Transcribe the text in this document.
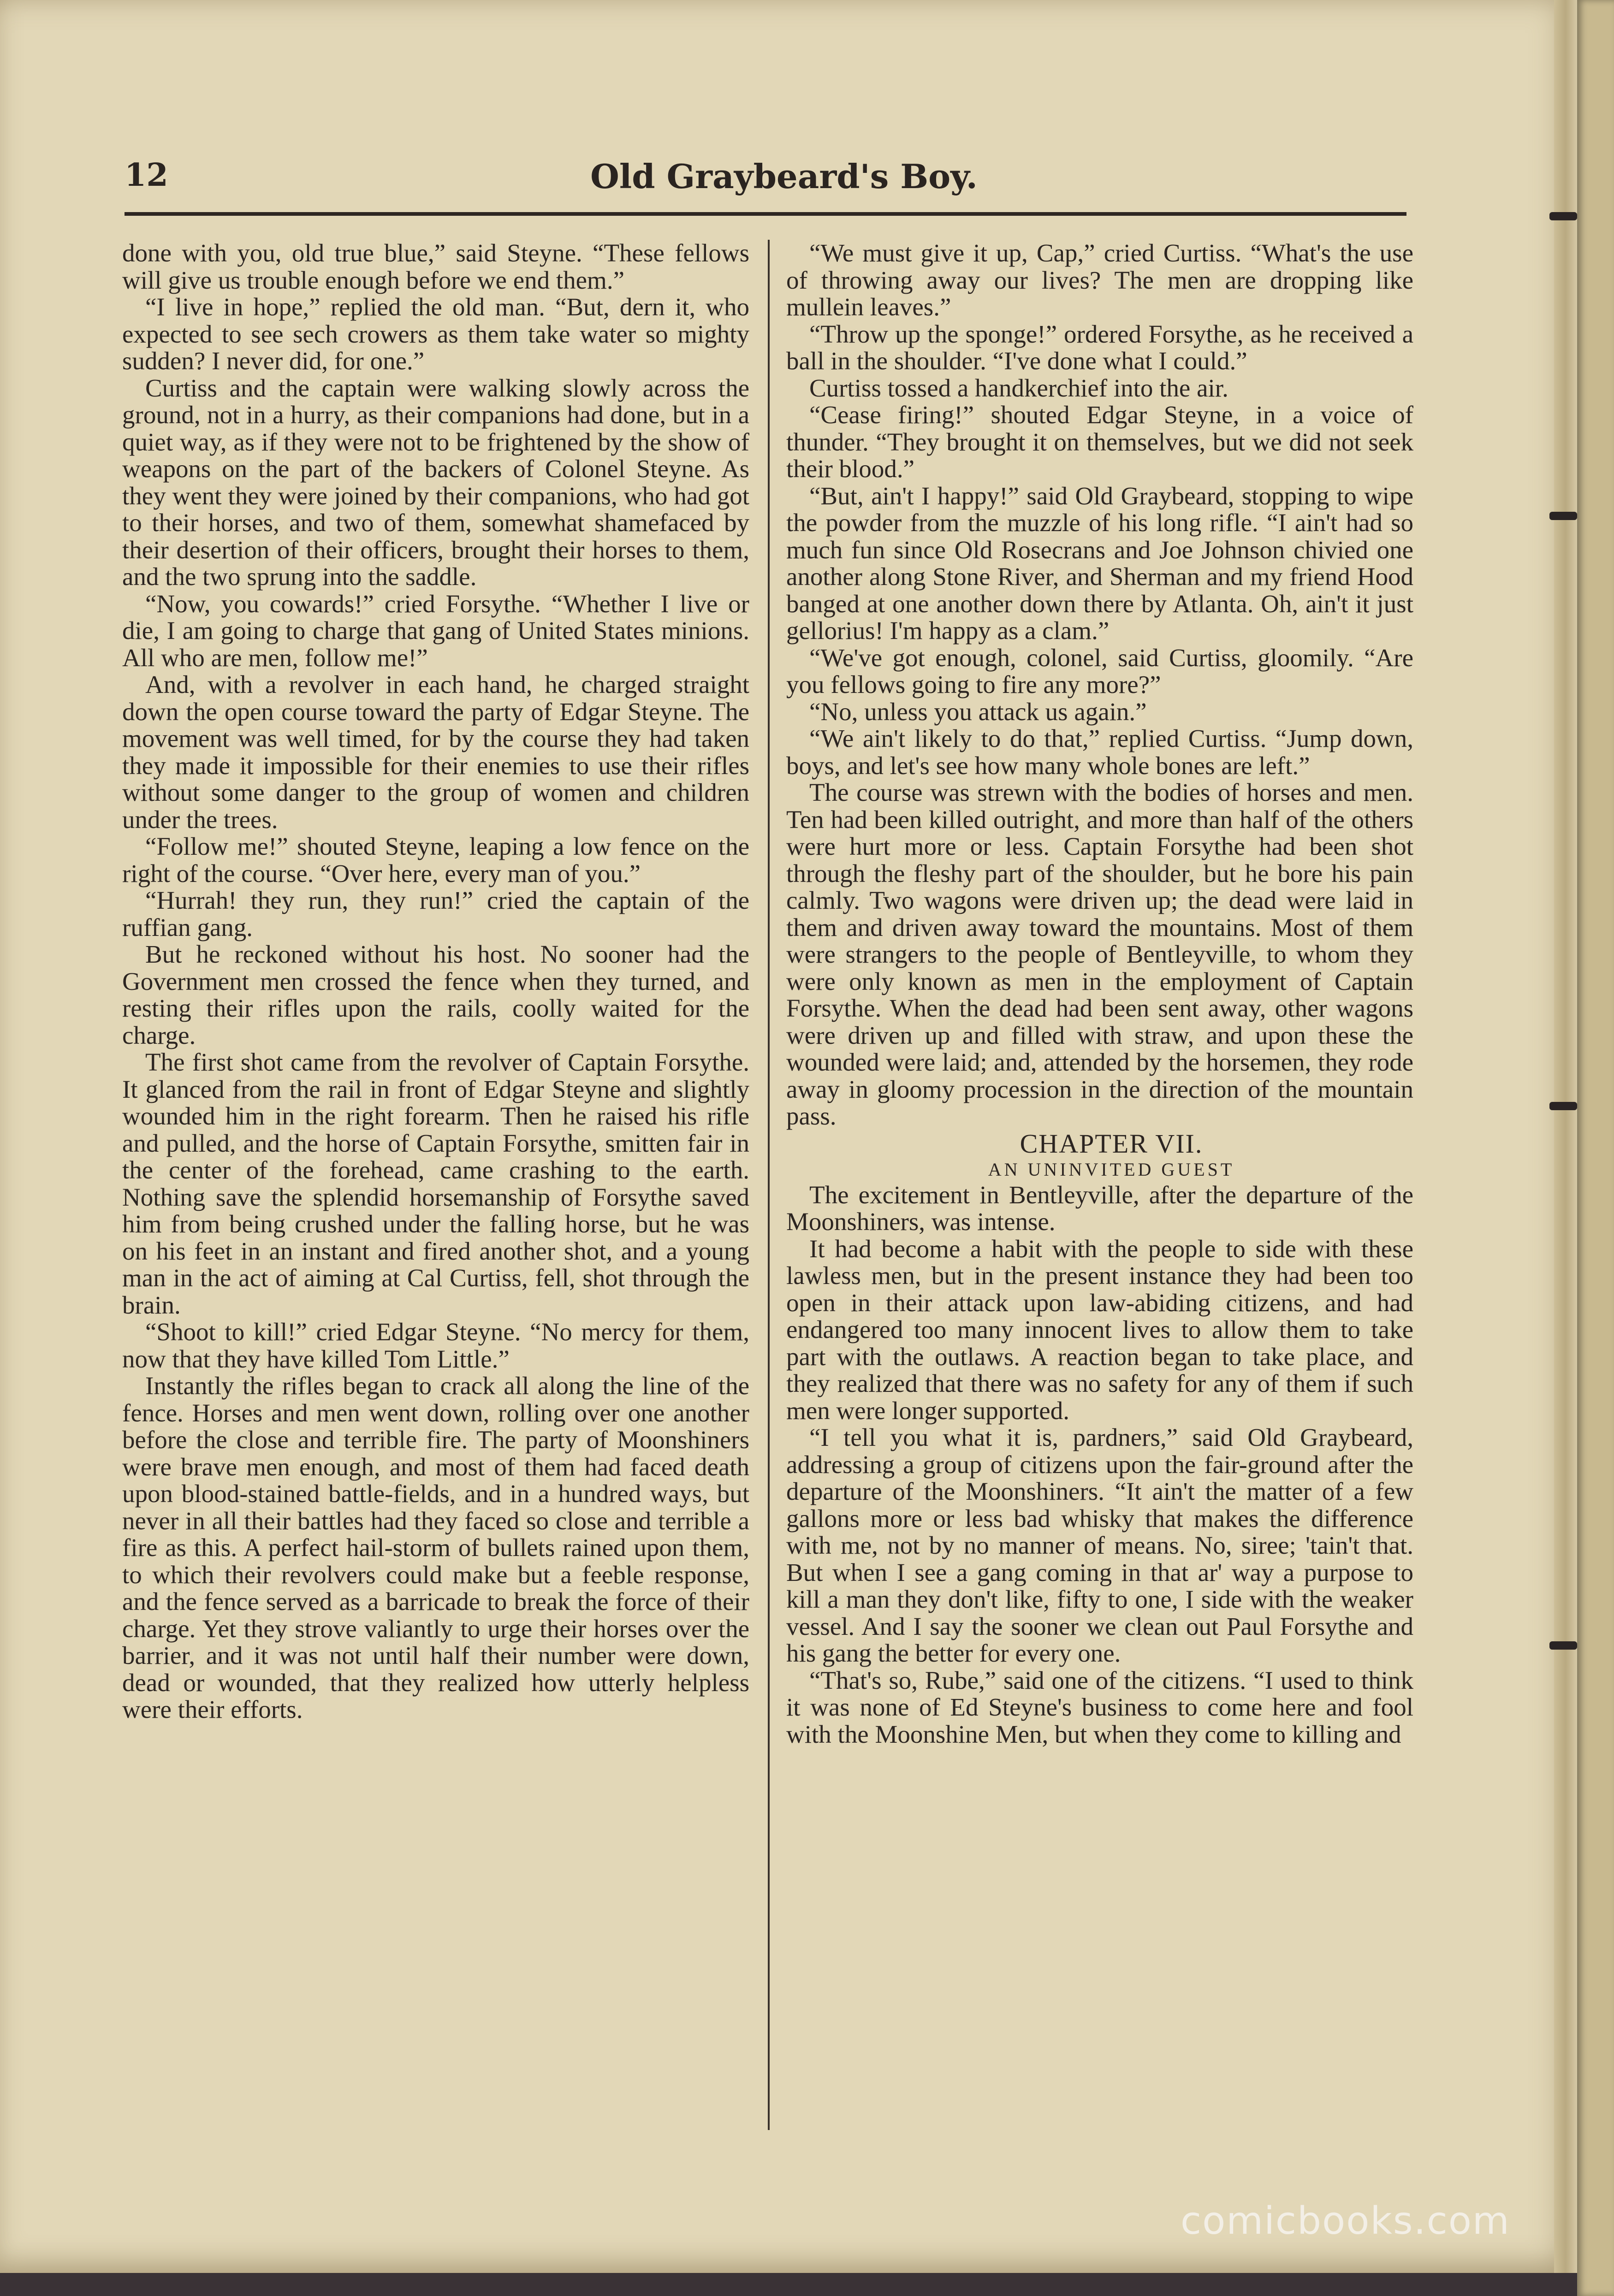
12	Old Graybeard's Boy.

done with you, old true blue,” said Steyne. “These fellows will give us trouble enough before we end them.”

“I live in hope,” replied the old man. “But, dern it, who expected to see sech crowers as them take water so mighty sudden? I never did, for one.”

Curtiss and the captain were walking slowly across the ground, not in a hurry, as their companions had done, but in a quiet way, as if they were not to be frightened by the show of weapons on the part of the backers of Colonel Steyne. As they went they were joined by their companions, who had got to their horses, and two of them, somewhat shamefaced by their desertion of their officers, brought their horses to them, and the two sprung into the saddle.

“Now, you cowards!” cried Forsythe. “Whether I live or die, I am going to charge that gang of United States minions. All who are men, follow me!”

And, with a revolver in each hand, he charged straight down the open course toward the party of Edgar Steyne. The movement was well timed, for by the course they had taken they made it impossible for their enemies to use their rifles without some danger to the group of women and children under the trees.

“Follow me!” shouted Steyne, leaping a low fence on the right of the course. “Over here, every man of you.”

“Hurrah! they run, they run!” cried the captain of the ruffian gang.

But he reckoned without his host. No sooner had the Government men crossed the fence when they turned, and resting their rifles upon the rails, coolly waited for the charge.

The first shot came from the revolver of Captain Forsythe. It glanced from the rail in front of Edgar Steyne and slightly wounded him in the right forearm. Then he raised his rifle and pulled, and the horse of Captain Forsythe, smitten fair in the center of the forehead, came crashing to the earth. Nothing save the splendid horsemanship of Forsythe saved him from being crushed under the falling horse, but he was on his feet in an instant and fired another shot, and a young man in the act of aiming at Cal Curtiss, fell, shot through the brain.

“Shoot to kill!” cried Edgar Steyne. “No mercy for them, now that they have killed Tom Little.”

Instantly the rifles began to crack all along the line of the fence. Horses and men went down, rolling over one another before the close and terrible fire. The party of Moonshiners were brave men enough, and most of them had faced death upon blood-stained battle-fields, and in a hundred ways, but never in all their battles had they faced so close and terrible a fire as this. A perfect hail-storm of bullets rained upon them, to which their revolvers could make but a feeble response, and the fence served as a barricade to break the force of their charge. Yet they strove valiantly to urge their horses over the barrier, and it was not until half their number were down, dead or wounded, that they realized how utterly helpless were their efforts.

“We must give it up, Cap,” cried Curtiss. “What's the use of throwing away our lives? The men are dropping like mullein leaves.”

“Throw up the sponge!” ordered Forsythe, as he received a ball in the shoulder. “I've done what I could.”

Curtiss tossed a handkerchief into the air.

“Cease firing!” shouted Edgar Steyne, in a voice of thunder. “They brought it on themselves, but we did not seek their blood.”

“But, ain't I happy!” said Old Graybeard, stopping to wipe the powder from the muzzle of his long rifle. “I ain't had so much fun since Old Rosecrans and Joe Johnson chivied one another along Stone River, and Sherman and my friend Hood banged at one another down there by Atlanta. Oh, ain't it just gellorius! I'm happy as a clam.”

“We've got enough, colonel, said Curtiss, gloomily. “Are you fellows going to fire any more?”

“No, unless you attack us again.”

“We ain't likely to do that,” replied Curtiss. “Jump down, boys, and let's see how many whole bones are left.”

The course was strewn with the bodies of horses and men. Ten had been killed outright, and more than half of the others were hurt more or less. Captain Forsythe had been shot through the fleshy part of the shoulder, but he bore his pain calmly. Two wagons were driven up; the dead were laid in them and driven away toward the mountains. Most of them were strangers to the people of Bentleyville, to whom they were only known as men in the employment of Captain Forsythe. When the dead had been sent away, other wagons were driven up and filled with straw, and upon these the wounded were laid; and, attended by the horsemen, they rode away in gloomy procession in the direction of the mountain pass.

CHAPTER VII.

AN UNINVITED GUEST

The excitement in Bentleyville, after the departure of the Moonshiners, was intense.

It had become a habit with the people to side with these lawless men, but in the present instance they had been too open in their attack upon law-abiding citizens, and had endangered too many innocent lives to allow them to take part with the outlaws. A reaction began to take place, and they realized that there was no safety for any of them if such men were longer supported.

“I tell you what it is, pardners,” said Old Graybeard, addressing a group of citizens upon the fair-ground after the departure of the Moonshiners. “It ain't the matter of a few gallons more or less bad whisky that makes the difference with me, not by no manner of means. No, siree; 'tain't that. But when I see a gang coming in that ar' way a purpose to kill a man they don't like, fifty to one, I side with the weaker vessel. And I say the sooner we clean out Paul Forsythe and his gang the better for every one.

“That's so, Rube,” said one of the citizens. “I used to think it was none of Ed Steyne's business to come here and fool with the Moonshine Men, but when they come to killing and

comicbooks.com
